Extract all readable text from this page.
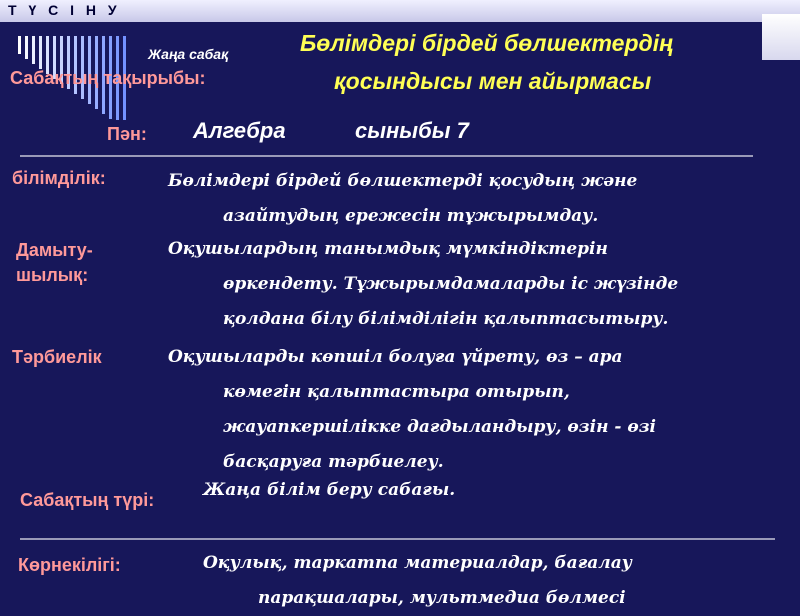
Т Ү С І Н У
Жаңа сабақ
Сабақтың тақырыбы:
Бөлімдері бірдей бөлшектердің
қосындысы мен айырмасы
Пән: Алгебра	сыныбы 7
білімділік:	Бөлімдері бірдей бөлшектерді қосудың және
азайтудың ережесін тұжырымдау.
Дамыту-
шылық:
Оқушылардың танымдық мүмкіндіктерін
өркендету. Тұжырымдамаларды іс жүзінде
қолдана білу білімділігін қалыптасытыру.
Тәрбиелік	Оқушыларды көпшіл болуға үйрету, өз – ара
көмегін қалыптастыра отырып,
жауапкершілікке дағдыландыру, өзін - өзі
басқаруға тәрбиелеу.
Сабақтың түрі:	Жаңа білім беру сабағы.
Көрнекілігі:	Оқулық, таркатпа материалдар, бағалау
парақшалары, мультмедиа бөлмесі
